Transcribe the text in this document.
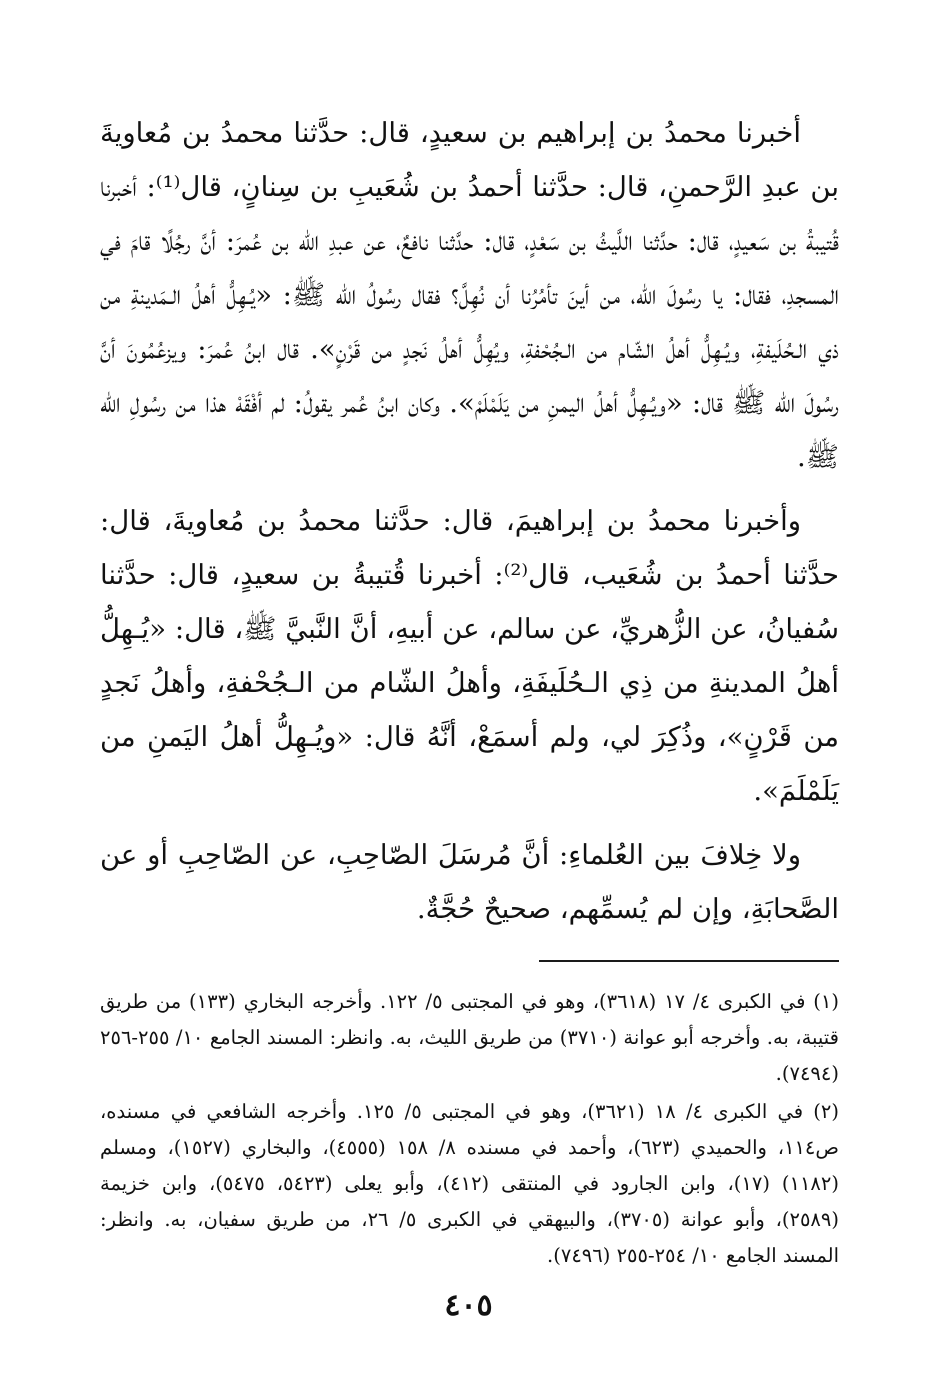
أخبرنا محمدُ بن إبراهيم بن سعيدٍ، قال: حدَّثنا محمدُ بن مُعاويةَ بن عبدِ الرَّحمنِ، قال: حدَّثنا أحمدُ بن شُعَيبِ بن سِنانٍ، قال⁽¹⁾: أخبرنا قُتيبةُ بن سَعيدٍ، قال: حدَّثنا اللَّيثُ بن سَعْدٍ، قال: حدَّثنا نافعٌ، عن عبدِ الله بن عُمرَ: أنَّ رجُلًا قامَ في المسجدِ، فقال: يا رسُولَ الله، من أينَ تأمُرُنا أن نُهِلَّ؟ فقال رسُولُ الله ﷺ: «يُـهِلُّ أهلُ الـمَدينةِ من ذي الـحُلَيفةِ، ويُـهِلُّ أهلُ الشّام من الـجُحْفةِ، ويُهِلُّ أهلُ نَجدٍ من قَرْنٍ». قال ابنُ عُمرَ: ويزعُمُونَ أنَّ رسُولَ الله ﷺ قال: «ويُـهِلُّ أهلُ اليمنِ من يَلَمْلَمْ». وكان ابنُ عُمر يقولُ: لم أفْقَهْ هذا من رسُولِ الله ﷺ.

وأخبرنا محمدُ بن إبراهيمَ، قال: حدَّثنا محمدُ بن مُعاويةَ، قال: حدَّثنا أحمدُ بن شُعَيب، قال⁽²⁾: أخبرنا قُتيبةُ بن سعيدٍ، قال: حدَّثنا سُفيانُ، عن الزُّهريِّ، عن سالم، عن أبيهِ، أنَّ النَّبيَّ ﷺ، قال: «يُـهِلُّ أهلُ المدينةِ من ذِي الـحُلَيفَةِ، وأهلُ الشّام من الـجُحْفةِ، وأهلُ نَجدٍ من قَرْنٍ»، وذُكِرَ لي، ولم أسمَعْ، أنَّهُ قال: «ويُـهِلُّ أهلُ اليَمنِ من يَلَمْلَمَ».

ولا خِلافَ بين العُلماءِ: أنَّ مُرسَلَ الصّاحِبِ، عن الصّاحِبِ أو عن الصَّحابَةِ، وإن لم يُسمِّهم، صحيحٌ حُجَّةٌ.

(١) في الكبرى ٤/ ١٧ (٣٦١٨)، وهو في المجتبى ٥/ ١٢٢. وأخرجه البخاري (١٣٣) من طريق قتيبة، به. وأخرجه أبو عوانة (٣٧١٠) من طريق الليث، به. وانظر: المسند الجامع ١٠/ ٢٥٥-٢٥٦ (٧٤٩٤).

(٢) في الكبرى ٤/ ١٨ (٣٦٢١)، وهو في المجتبى ٥/ ١٢٥. وأخرجه الشافعي في مسنده، ص١١٤، والحميدي (٦٢٣)، وأحمد في مسنده ٨/ ١٥٨ (٤٥٥٥)، والبخاري (١٥٢٧)، ومسلم (١١٨٢) (١٧)، وابن الجارود في المنتقى (٤١٢)، وأبو يعلى (٥٤٢٣، ٥٤٧٥)، وابن خزيمة (٢٥٨٩)، وأبو عوانة (٣٧٠٥)، والبيهقي في الكبرى ٥/ ٢٦، من طريق سفيان، به. وانظر: المسند الجامع ١٠/ ٢٥٤-٢٥٥ (٧٤٩٦).

٤٠٥
